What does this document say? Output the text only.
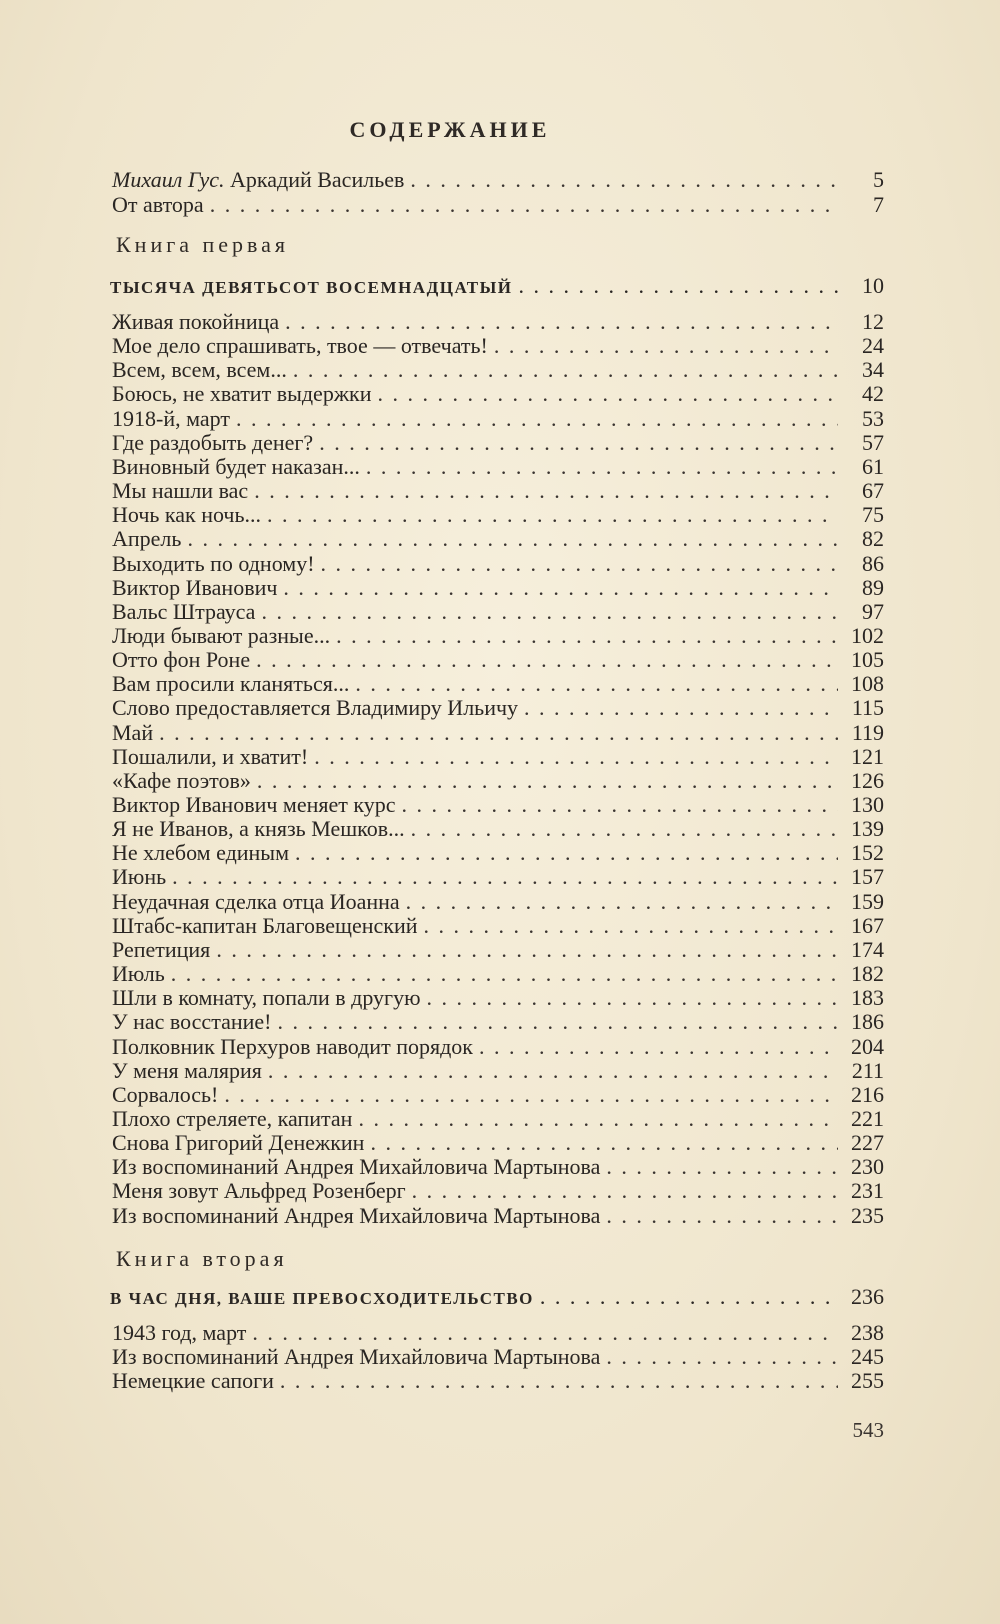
СОДЕРЖАНИЕ
Михаил Гус. Аркадий Васильев . . .	5
От автора . . .	7
Книга первая
ТЫСЯЧА ДЕВЯТЬСОТ ВОСЕМНАДЦАТЫЙ . . .	10
Живая покойница . . .	12
Мое дело спрашивать, твое — отвечать! . . .	24
Всем, всем, всем... . . .	34
Боюсь, не хватит выдержки . . .	42
1918-й, март . . .	53
Где раздобыть денег? . . .	57
Виновный будет наказан... . . .	61
Мы нашли вас . . .	67
Ночь как ночь... . . .	75
Апрель . . .	82
Выходить по одному! . . .	86
Виктор Иванович . . .	89
Вальс Штрауса . . .	97
Люди бывают разные... . . .	102
Отто фон Роне . . .	105
Вам просили кланяться... . . .	108
Слово предоставляется Владимиру Ильичу . . .	115
Май . . .	119
Пошалили, и хватит! . . .	121
«Кафе поэтов» . . .	126
Виктор Иванович меняет курс . . .	130
Я не Иванов, а князь Мешков... . . .	139
Не хлебом единым . . .	152
Июнь . . .	157
Неудачная сделка отца Иоанна . . .	159
Штабс-капитан Благовещенский . . .	167
Репетиция . . .	174
Июль . . .	182
Шли в комнату, попали в другую . . .	183
У нас восстание! . . .	186
Полковник Перхуров наводит порядок . . .	204
У меня малярия . . .	211
Сорвалось! . . .	216
Плохо стреляете, капитан . . .	221
Снова Григорий Денежкин . . .	227
Из воспоминаний Андрея Михайловича Мартынова . . .	230
Меня зовут Альфред Розенберг . . .	231
Из воспоминаний Андрея Михайловича Мартынова . . .	235
Книга вторая
В ЧАС ДНЯ, ВАШЕ ПРЕВОСХОДИТЕЛЬСТВО . . .	236
1943 год, март . . .	238
Из воспоминаний Андрея Михайловича Мартынова . . .	245
Немецкие сапоги . . .	255
543
